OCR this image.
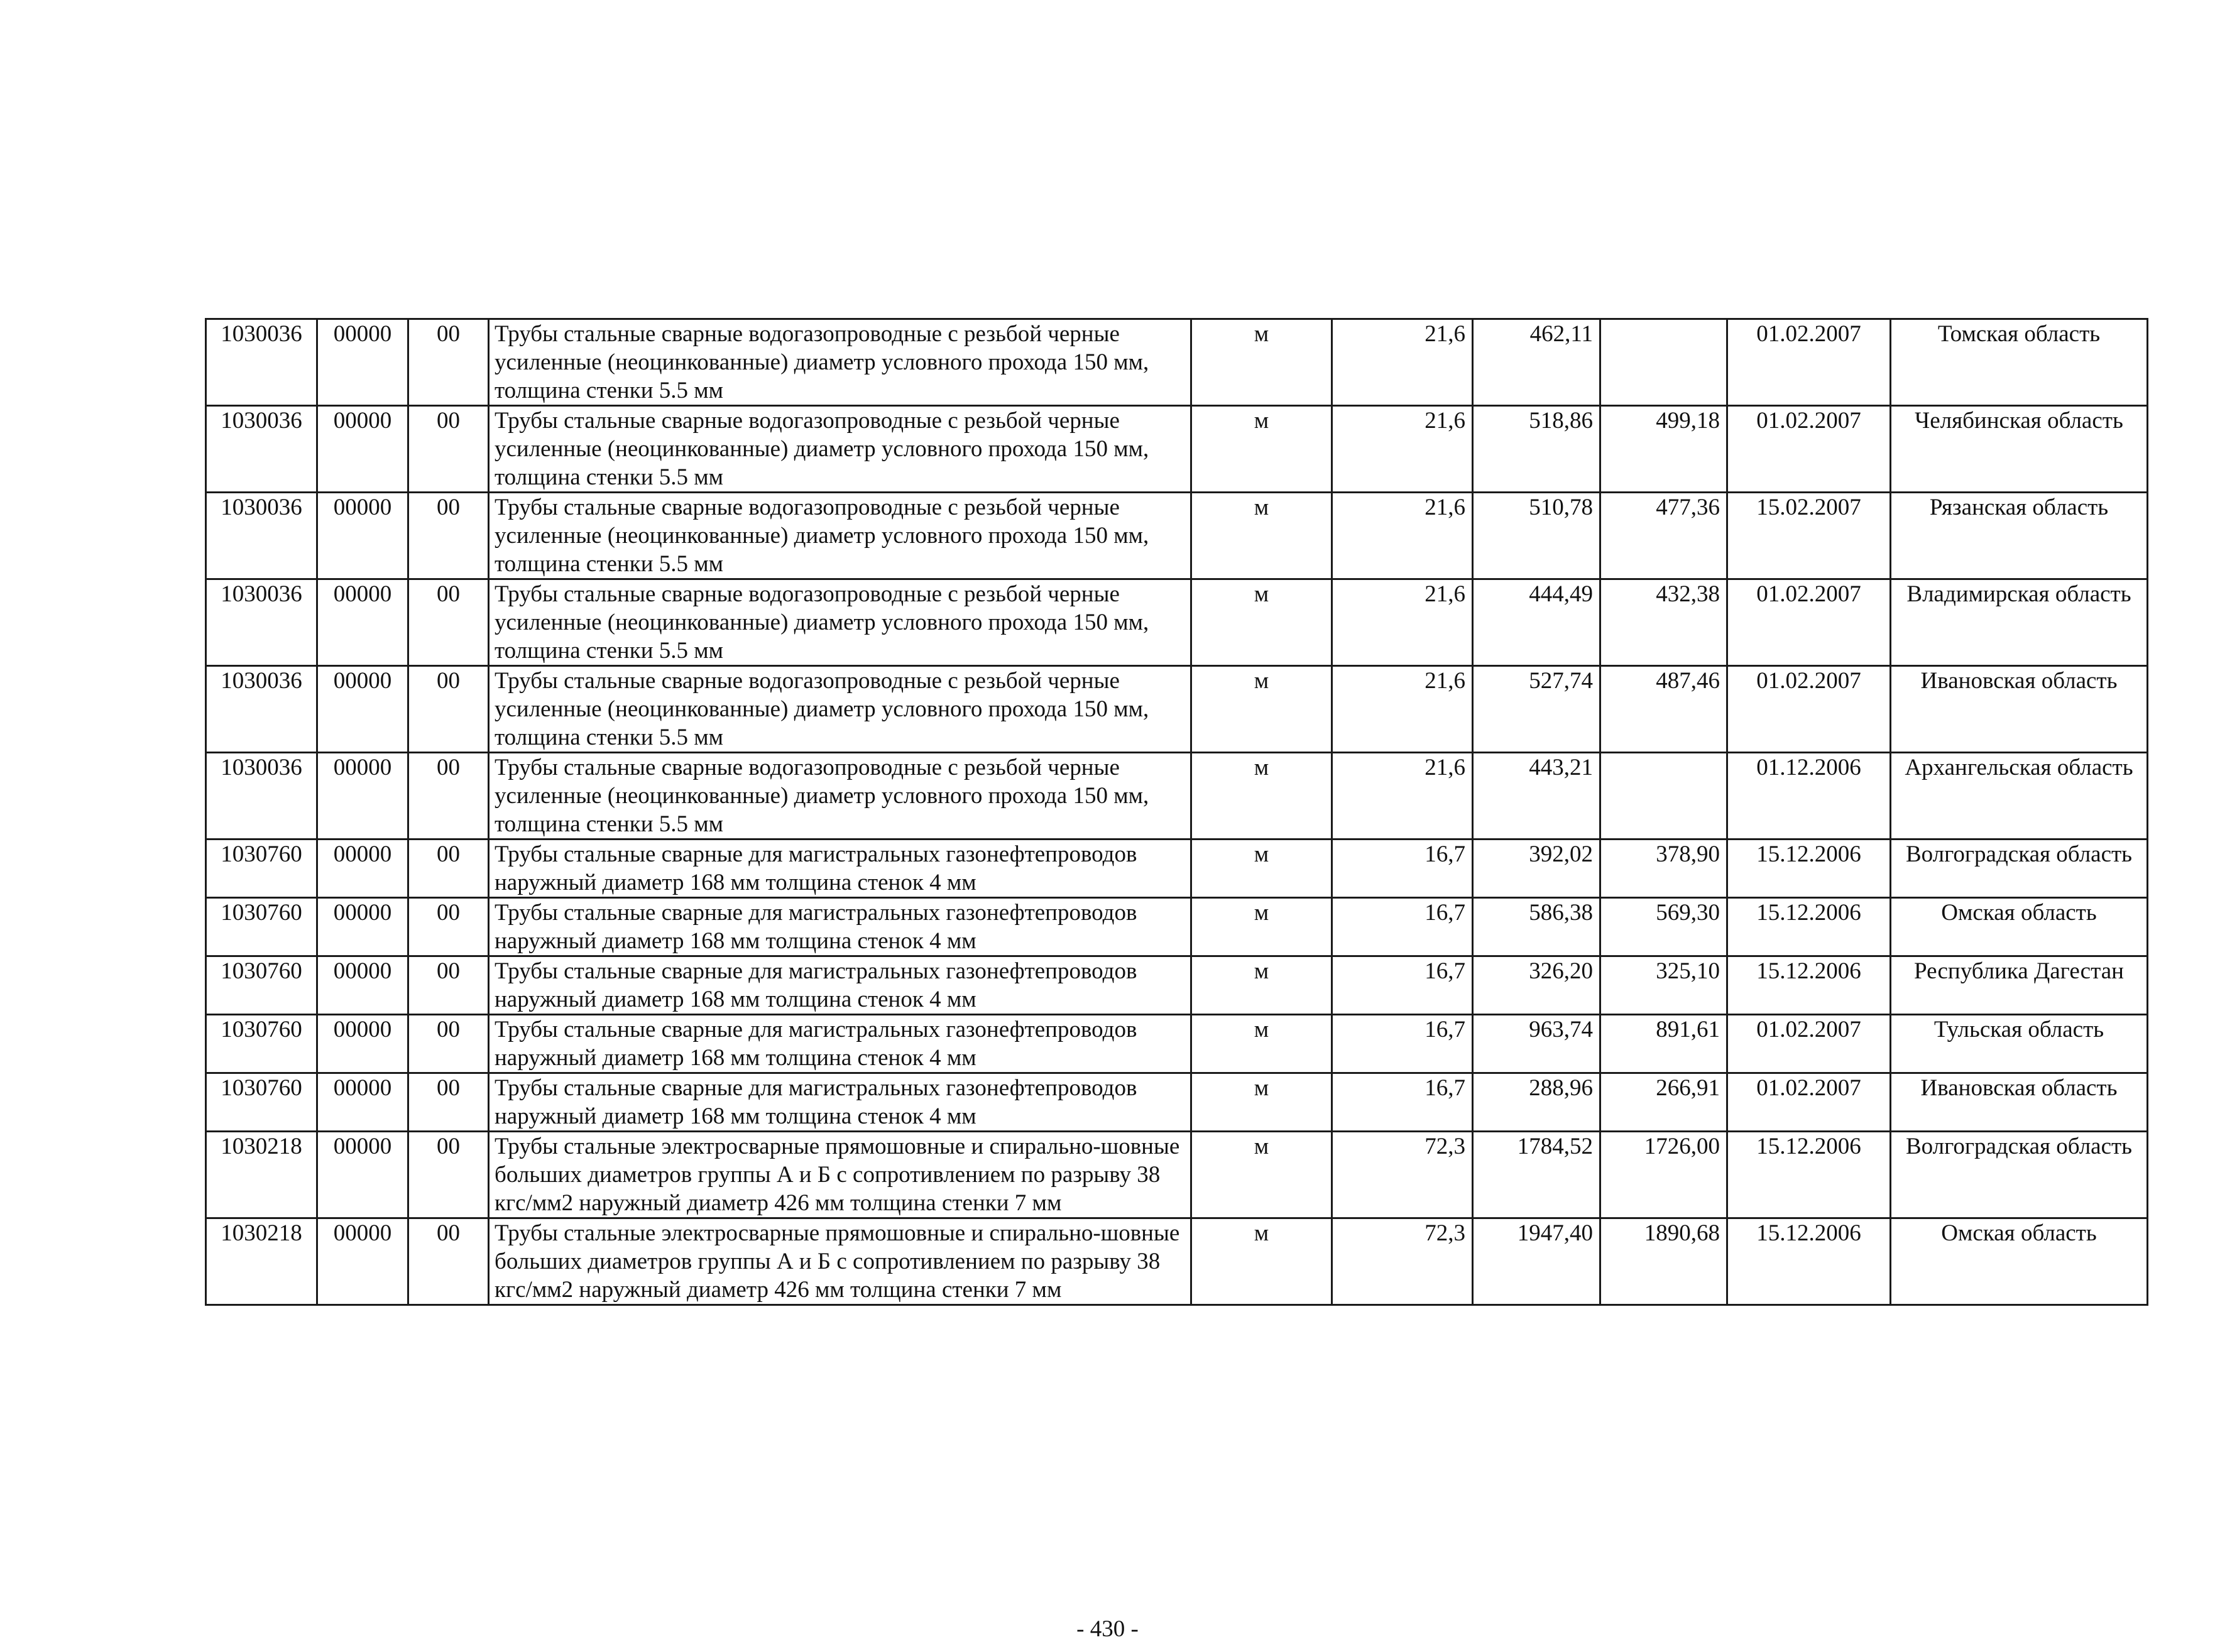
1030036	00000	00	Трубы стальные сварные водогазопроводные с резьбой черные усиленные (неоцинкованные) диаметр условного прохода 150 мм, толщина стенки 5.5 мм	м	21,6	462,11		01.02.2007	Томская область
1030036	00000	00	Трубы стальные сварные водогазопроводные с резьбой черные усиленные (неоцинкованные) диаметр условного прохода 150 мм, толщина стенки 5.5 мм	м	21,6	518,86	499,18	01.02.2007	Челябинская область
1030036	00000	00	Трубы стальные сварные водогазопроводные с резьбой черные усиленные (неоцинкованные) диаметр условного прохода 150 мм, толщина стенки 5.5 мм	м	21,6	510,78	477,36	15.02.2007	Рязанская область
1030036	00000	00	Трубы стальные сварные водогазопроводные с резьбой черные усиленные (неоцинкованные) диаметр условного прохода 150 мм, толщина стенки 5.5 мм	м	21,6	444,49	432,38	01.02.2007	Владимирская область
1030036	00000	00	Трубы стальные сварные водогазопроводные с резьбой черные усиленные (неоцинкованные) диаметр условного прохода 150 мм, толщина стенки 5.5 мм	м	21,6	527,74	487,46	01.02.2007	Ивановская область
1030036	00000	00	Трубы стальные сварные водогазопроводные с резьбой черные усиленные (неоцинкованные) диаметр условного прохода 150 мм, толщина стенки 5.5 мм	м	21,6	443,21		01.12.2006	Архангельская область
1030760	00000	00	Трубы стальные сварные для магистральных газонефтепроводов наружный диаметр 168 мм толщина стенок 4 мм	м	16,7	392,02	378,90	15.12.2006	Волгоградская область
1030760	00000	00	Трубы стальные сварные для магистральных газонефтепроводов наружный диаметр 168 мм толщина стенок 4 мм	м	16,7	586,38	569,30	15.12.2006	Омская область
1030760	00000	00	Трубы стальные сварные для магистральных газонефтепроводов наружный диаметр 168 мм толщина стенок 4 мм	м	16,7	326,20	325,10	15.12.2006	Республика Дагестан
1030760	00000	00	Трубы стальные сварные для магистральных газонефтепроводов наружный диаметр 168 мм толщина стенок 4 мм	м	16,7	963,74	891,61	01.02.2007	Тульская область
1030760	00000	00	Трубы стальные сварные для магистральных газонефтепроводов наружный диаметр 168 мм толщина стенок 4 мм	м	16,7	288,96	266,91	01.02.2007	Ивановская область
1030218	00000	00	Трубы стальные электросварные прямошовные и спирально-шовные больших диаметров группы А и Б с сопротивлением по разрыву 38 кгс/мм2 наружный диаметр 426 мм толщина стенки 7 мм	м	72,3	1784,52	1726,00	15.12.2006	Волгоградская область
1030218	00000	00	Трубы стальные электросварные прямошовные и спирально-шовные больших диаметров группы А и Б с сопротивлением по разрыву 38 кгс/мм2 наружный диаметр 426 мм толщина стенки 7 мм	м	72,3	1947,40	1890,68	15.12.2006	Омская область
- 430 -
